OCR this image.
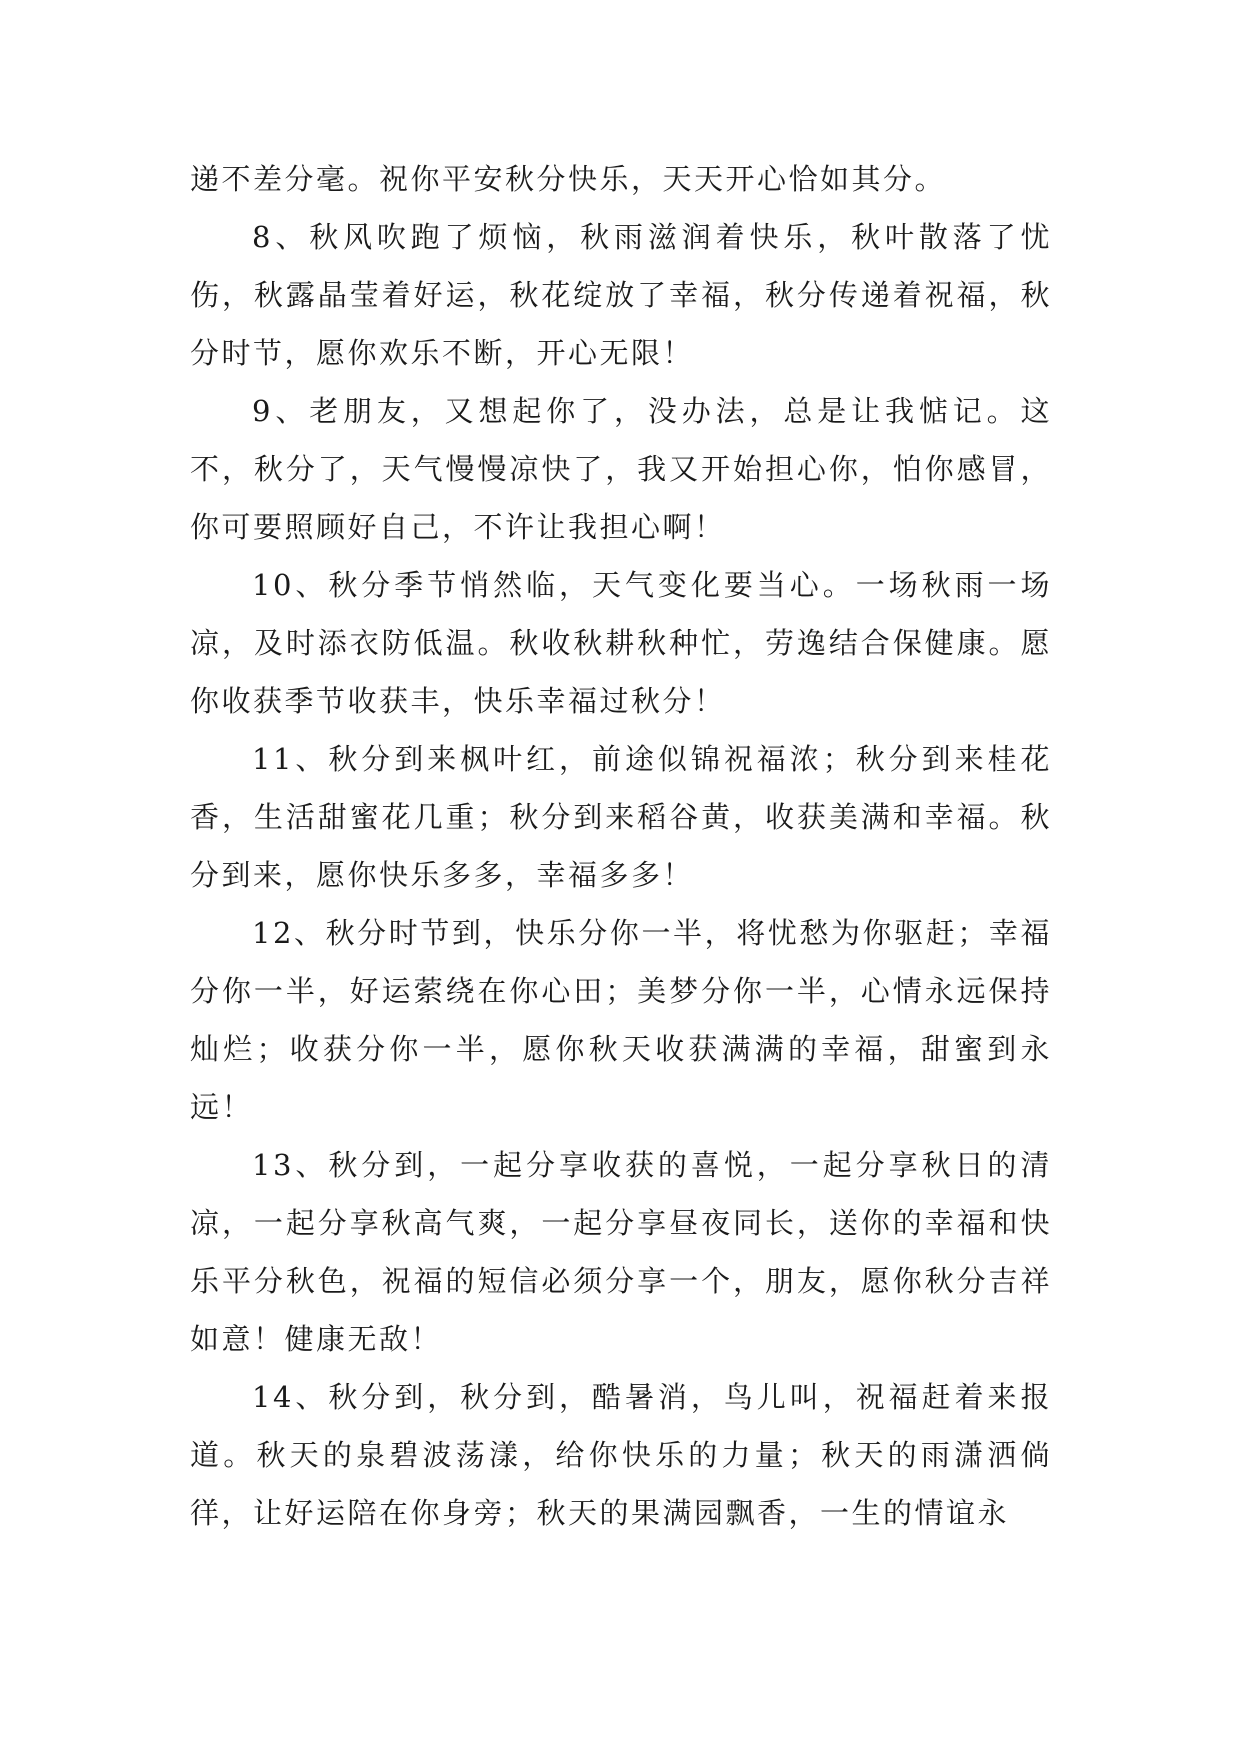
递不差分毫。祝你平安秋分快乐，天天开心恰如其分。

8、秋风吹跑了烦恼，秋雨滋润着快乐，秋叶散落了忧伤，秋露晶莹着好运，秋花绽放了幸福，秋分传递着祝福，秋分时节，愿你欢乐不断，开心无限！

9、老朋友，又想起你了，没办法，总是让我惦记。这不，秋分了，天气慢慢凉快了，我又开始担心你，怕你感冒，你可要照顾好自己，不许让我担心啊！

10、秋分季节悄然临，天气变化要当心。一场秋雨一场凉，及时添衣防低温。秋收秋耕秋种忙，劳逸结合保健康。愿你收获季节收获丰，快乐幸福过秋分！

11、秋分到来枫叶红，前途似锦祝福浓；秋分到来桂花香，生活甜蜜花几重；秋分到来稻谷黄，收获美满和幸福。秋分到来，愿你快乐多多，幸福多多！

12、秋分时节到，快乐分你一半，将忧愁为你驱赶；幸福分你一半，好运萦绕在你心田；美梦分你一半，心情永远保持灿烂；收获分你一半，愿你秋天收获满满的幸福，甜蜜到永远！

13、秋分到，一起分享收获的喜悦，一起分享秋日的清凉，一起分享秋高气爽，一起分享昼夜同长，送你的幸福和快乐平分秋色，祝福的短信必须分享一个，朋友，愿你秋分吉祥如意！健康无敌！

14、秋分到，秋分到，酷暑消，鸟儿叫，祝福赶着来报道。秋天的泉碧波荡漾，给你快乐的力量；秋天的雨潇洒倘徉，让好运陪在你身旁；秋天的果满园飘香，一生的情谊永
